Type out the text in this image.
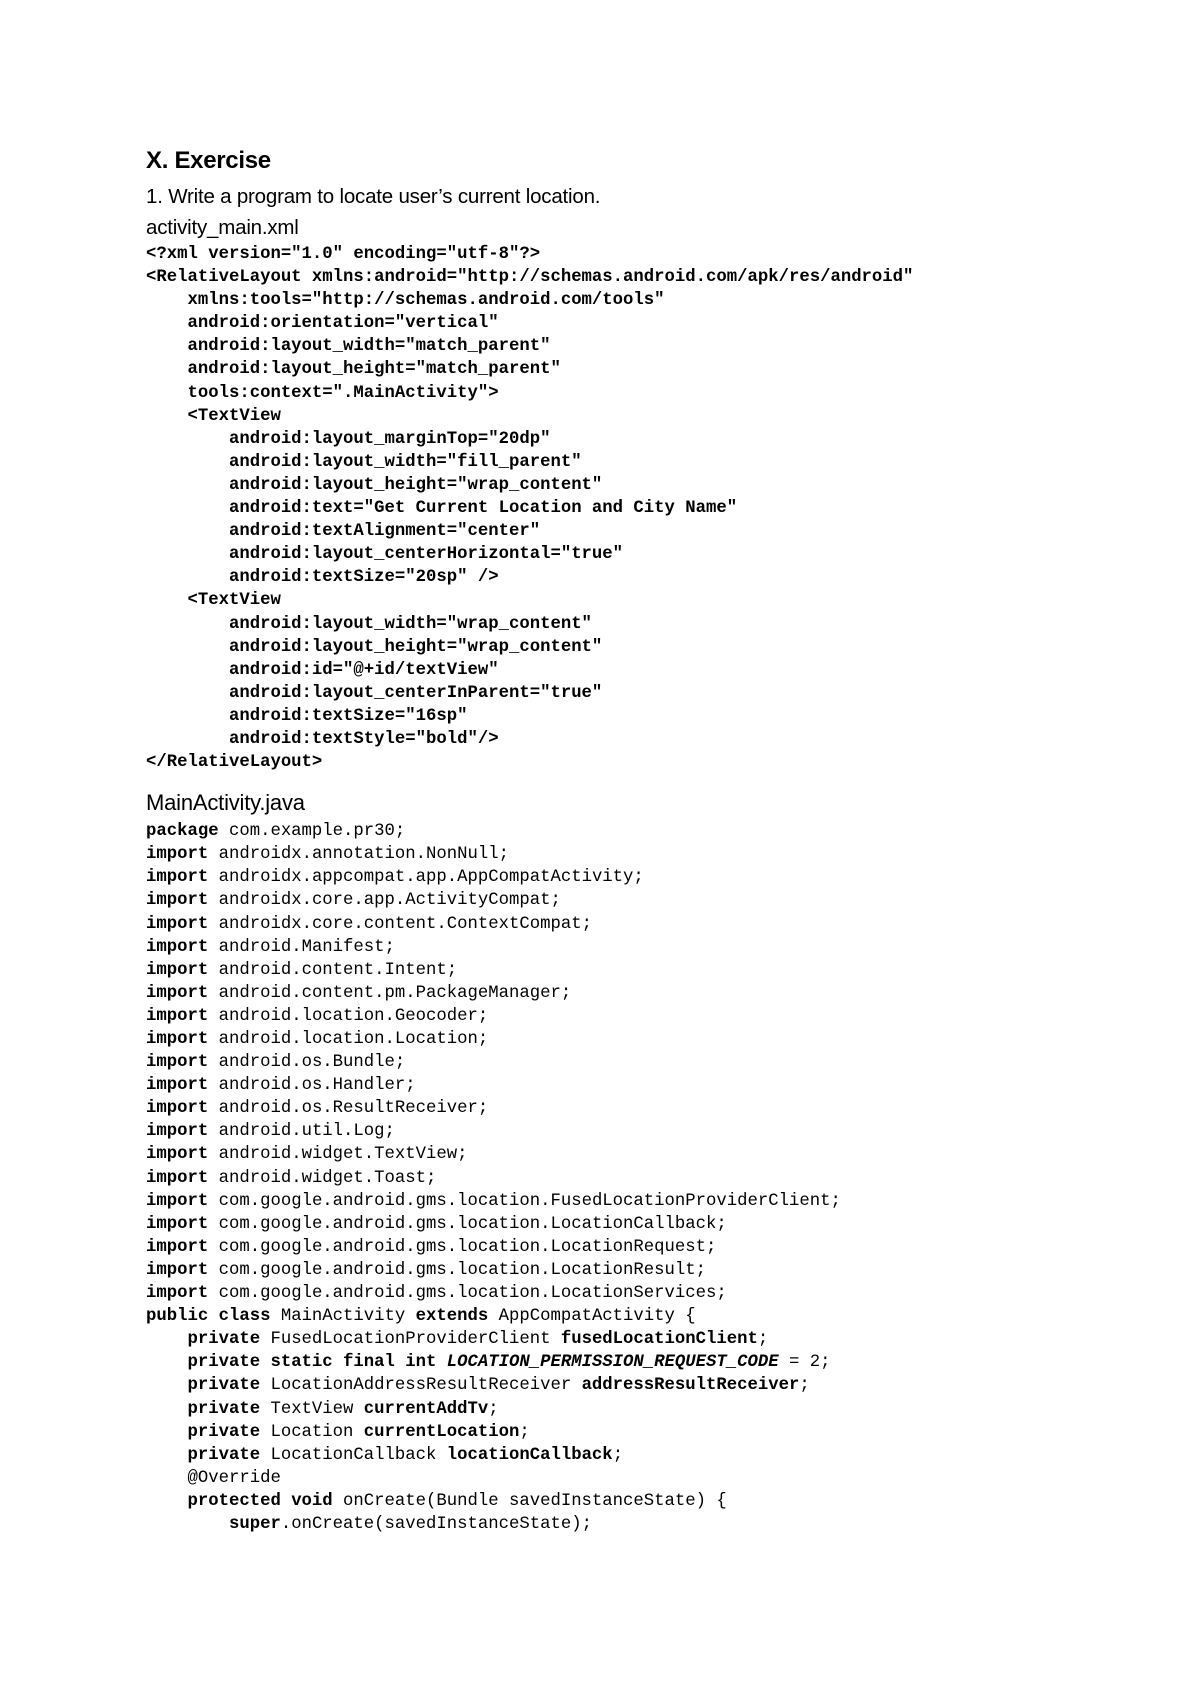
X. Exercise

1. Write a program to locate user’s current location.

activity_main.xml

<?xml version="1.0" encoding="utf-8"?>
<RelativeLayout xmlns:android="http://schemas.android.com/apk/res/android"
xmlns:tools="http://schemas.android.com/tools"
android:orientation="vertical"
android:layout_width="match_parent"
android:layout_height="match_parent"
tools:context=".MainActivity">
<TextView
android:layout_marginTop="20dp"
android:layout_width="fill_parent"
android:layout_height="wrap_content"
android:text="Get Current Location and City Name"
android:textAlignment="center"
android:layout_centerHorizontal="true"
android:textSize="20sp" />
<TextView
android:layout_width="wrap_content"
android:layout_height="wrap_content"
android:id="@+id/textView"
android:layout_centerInParent="true"
android:textSize="16sp"
android:textStyle="bold"/>
</RelativeLayout>

MainActivity.java

package com.example.pr30;
import androidx.annotation.NonNull;
import androidx.appcompat.app.AppCompatActivity;
import androidx.core.app.ActivityCompat;
import androidx.core.content.ContextCompat;
import android.Manifest;
import android.content.Intent;
import android.content.pm.PackageManager;
import android.location.Geocoder;
import android.location.Location;
import android.os.Bundle;
import android.os.Handler;
import android.os.ResultReceiver;
import android.util.Log;
import android.widget.TextView;
import android.widget.Toast;
import com.google.android.gms.location.FusedLocationProviderClient;
import com.google.android.gms.location.LocationCallback;
import com.google.android.gms.location.LocationRequest;
import com.google.android.gms.location.LocationResult;
import com.google.android.gms.location.LocationServices;
public class MainActivity extends AppCompatActivity {
private FusedLocationProviderClient fusedLocationClient;
private static final int LOCATION_PERMISSION_REQUEST_CODE = 2;
private LocationAddressResultReceiver addressResultReceiver;
private TextView currentAddTv;
private Location currentLocation;
private LocationCallback locationCallback;
@Override
protected void onCreate(Bundle savedInstanceState) {
super.onCreate(savedInstanceState);
